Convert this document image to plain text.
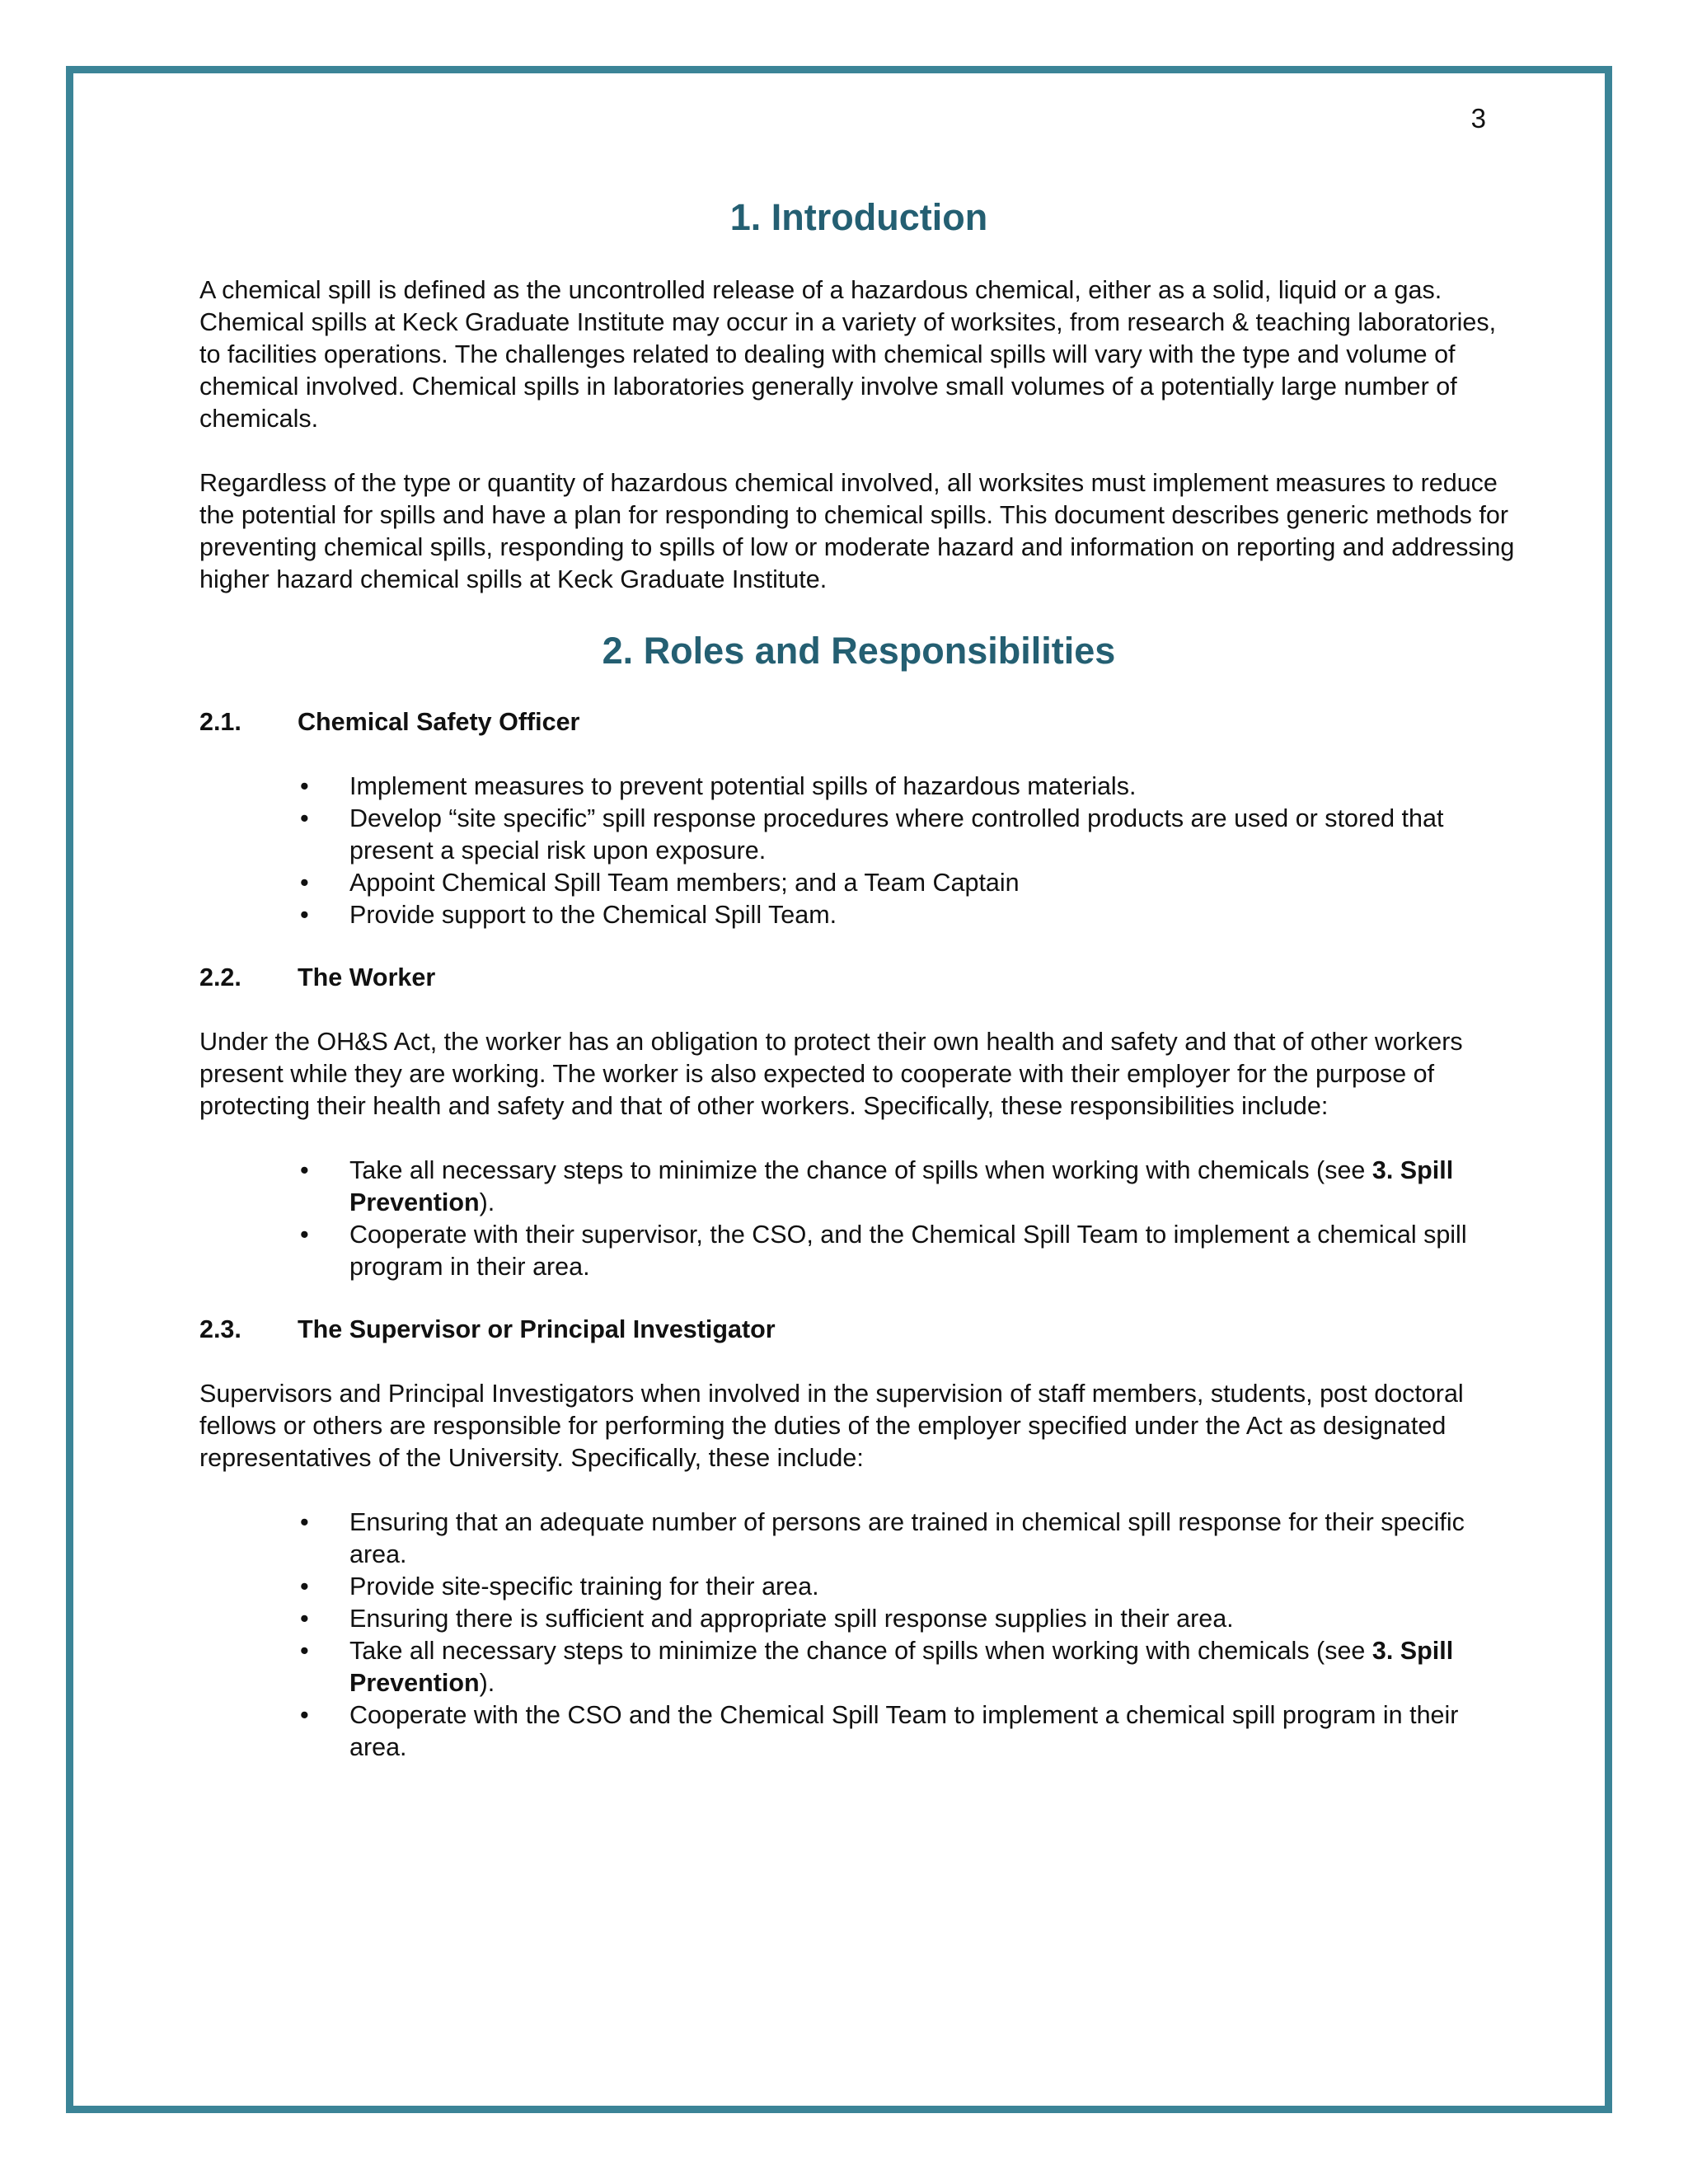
3
1. Introduction

A chemical spill is defined as the uncontrolled release of a hazardous chemical, either as a solid, liquid or a gas. Chemical spills at Keck Graduate Institute may occur in a variety of worksites, from research & teaching laboratories, to facilities operations. The challenges related to dealing with chemical spills will vary with the type and volume of chemical involved. Chemical spills in laboratories generally involve small volumes of a potentially large number of chemicals.

Regardless of the type or quantity of hazardous chemical involved, all worksites must implement measures to reduce the potential for spills and have a plan for responding to chemical spills. This document describes generic methods for preventing chemical spills, responding to spills of low or moderate hazard and information on reporting and addressing higher hazard chemical spills at Keck Graduate Institute.

2. Roles and Responsibilities
2.1.	Chemical Safety Officer
• Implement measures to prevent potential spills of hazardous materials.
• Develop “site specific” spill response procedures where controlled products are used or stored that present a special risk upon exposure.
• Appoint Chemical Spill Team members; and a Team Captain
• Provide support to the Chemical Spill Team.
2.2.	The Worker

Under the OH&S Act, the worker has an obligation to protect their own health and safety and that of other workers present while they are working. The worker is also expected to cooperate with their employer for the purpose of protecting their health and safety and that of other workers. Specifically, these responsibilities include:

• Take all necessary steps to minimize the chance of spills when working with chemicals (see 3. Spill Prevention).
• Cooperate with their supervisor, the CSO, and the Chemical Spill Team to implement a chemical spill program in their area.
2.3.	The Supervisor or Principal Investigator

Supervisors and Principal Investigators when involved in the supervision of staff members, students, post doctoral fellows or others are responsible for performing the duties of the employer specified under the Act as designated representatives of the University. Specifically, these include:

• Ensuring that an adequate number of persons are trained in chemical spill response for their specific area.
• Provide site-specific training for their area.
• Ensuring there is sufficient and appropriate spill response supplies in their area.
• Take all necessary steps to minimize the chance of spills when working with chemicals (see 3. Spill Prevention).
• Cooperate with the CSO and the Chemical Spill Team to implement a chemical spill program in their area.
